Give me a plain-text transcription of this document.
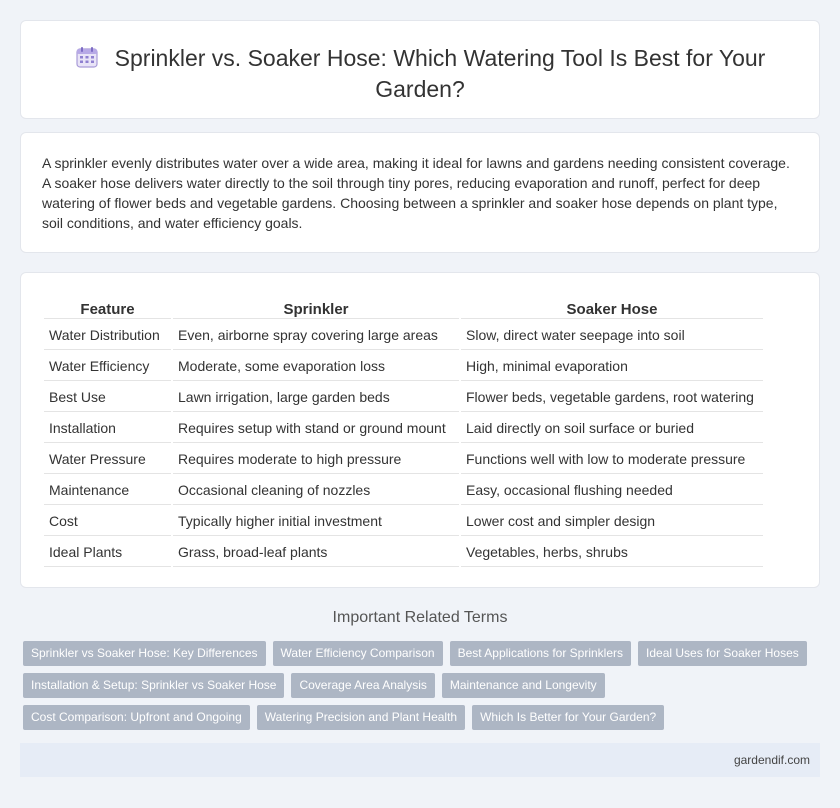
Sprinkler vs. Soaker Hose: Which Watering Tool Is Best for Your Garden?

A sprinkler evenly distributes water over a wide area, making it ideal for lawns and gardens needing consistent coverage. A soaker hose delivers water directly to the soil through tiny pores, reducing evaporation and runoff, perfect for deep watering of flower beds and vegetable gardens. Choosing between a sprinkler and soaker hose depends on plant type, soil conditions, and water efficiency goals.

Feature	Sprinkler	Soaker Hose
Water Distribution	Even, airborne spray covering large areas	Slow, direct water seepage into soil
Water Efficiency	Moderate, some evaporation loss	High, minimal evaporation
Best Use	Lawn irrigation, large garden beds	Flower beds, vegetable gardens, root watering
Installation	Requires setup with stand or ground mount	Laid directly on soil surface or buried
Water Pressure	Requires moderate to high pressure	Functions well with low to moderate pressure
Maintenance	Occasional cleaning of nozzles	Easy, occasional flushing needed
Cost	Typically higher initial investment	Lower cost and simpler design
Ideal Plants	Grass, broad-leaf plants	Vegetables, herbs, shrubs
Important Related Terms
Sprinkler vs Soaker Hose: Key Differences	Water Efficiency Comparison	Best Applications for Sprinklers	Ideal Uses for Soaker Hoses
Installation & Setup: Sprinkler vs Soaker Hose	Coverage Area Analysis	Maintenance and Longevity
Cost Comparison: Upfront and Ongoing	Watering Precision and Plant Health	Which Is Better for Your Garden?
gardendif.com
